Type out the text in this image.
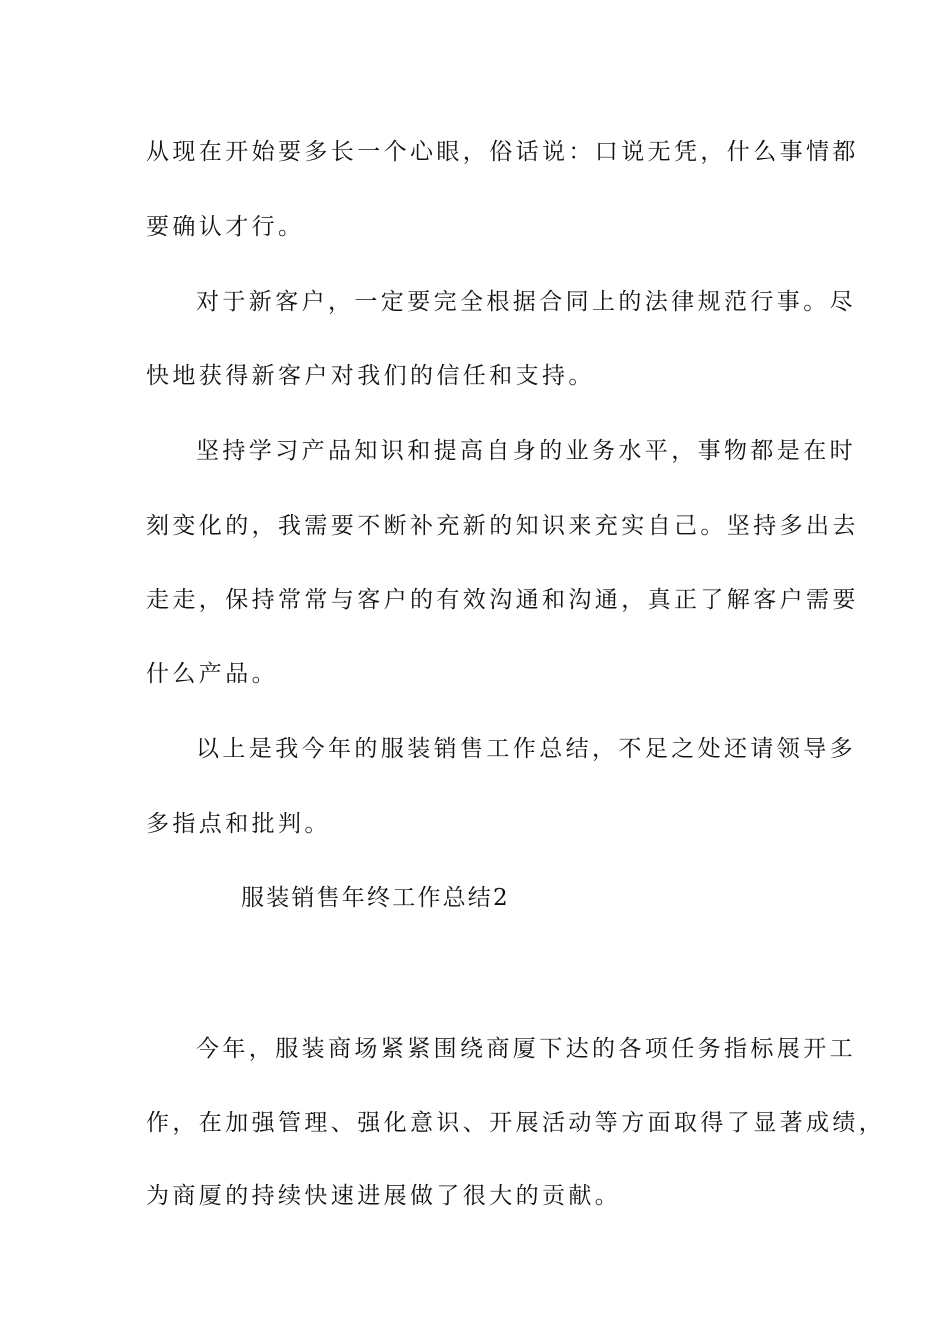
从现在开始要多长一个心眼，俗话说：口说无凭，什么事情都
要确认才行。
对于新客户，一定要完全根据合同上的法律规范行事。尽
快地获得新客户对我们的信任和支持。
坚持学习产品知识和提高自身的业务水平，事物都是在时
刻变化的，我需要不断补充新的知识来充实自己。坚持多出去
走走，保持常常与客户的有效沟通和沟通，真正了解客户需要
什么产品。
以上是我今年的服装销售工作总结，不足之处还请领导多
多指点和批判。
服装销售年终工作总结2
今年，服装商场紧紧围绕商厦下达的各项任务指标展开工
作，在加强管理、强化意识、开展活动等方面取得了显著成绩，
为商厦的持续快速进展做了很大的贡献。
